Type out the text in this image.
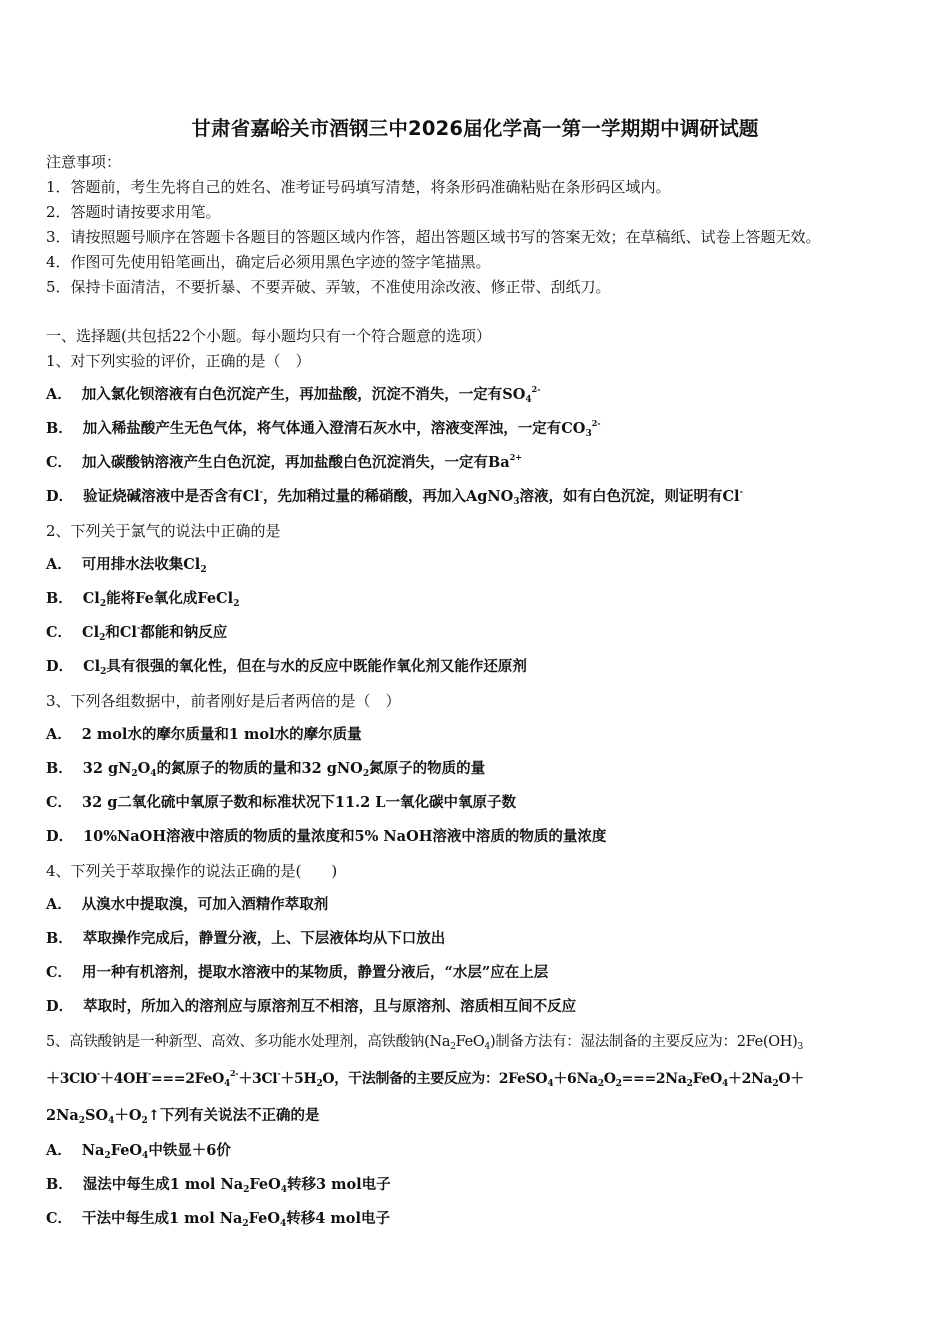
甘肃省嘉峪关市酒钢三中2026届化学高一第一学期期中调研试题
注意事项：
1．答题前，考生先将自己的姓名、准考证号码填写清楚，将条形码准确粘贴在条形码区域内。
2．答题时请按要求用笔。
3．请按照题号顺序在答题卡各题目的答题区域内作答，超出答题区域书写的答案无效；在草稿纸、试卷上答题无效。
4．作图可先使用铅笔画出，确定后必须用黑色字迹的签字笔描黑。
5．保持卡面清洁，不要折暴、不要弄破、弄皱，不准使用涂改液、修正带、刮纸刀。
一、选择题(共包括22个小题。每小题均只有一个符合题意的选项）
1、对下列实验的评价，正确的是（　）
A． 加入氯化钡溶液有白色沉淀产生，再加盐酸，沉淀不消失，一定有$SO_4^{2-}$
B． 加入稀盐酸产生无色气体，将气体通入澄清石灰水中，溶液变浑浊，一定有$CO_3^{2-}$
C． 加入碳酸钠溶液产生白色沉淀，再加盐酸白色沉淀消失，一定有$Ba^{2+}$
D． 验证烧碱溶液中是否含有Cl-，先加稍过量的稀硝酸，再加入AgNO$_3$溶液，如有白色沉淀，则证明有Cl-
2、下列关于氯气的说法中正确的是
A． 可用排水法收集$Cl_2$
B． $Cl_2$能将Fe氧化成FeCl$_2$
C． $Cl_2$和Cl-都能和钠反应
D． $Cl_2$具有很强的氧化性，但在与水的反应中既能作氧化剂又能作还原剂
3、下列各组数据中，前者刚好是后者两倍的是（　）
A． 2 mol水的摩尔质量和1 mol水的摩尔质量
B． 32 $gN_2O_4$的氮原子的物质的量和32 gNO$_2$氮原子的物质的量
C． 32 g二氧化硫中氧原子数和标准状况下11.2 L一氧化碳中氧原子数
D． 10%NaOH溶液中溶质的物质的量浓度和5% NaOH溶液中溶质的物质的量浓度
4、下列关于萃取操作的说法正确的是(　　)
A． 从溴水中提取溴，可加入酒精作萃取剂
B． 萃取操作完成后，静置分液，上、下层液体均从下口放出
C． 用一种有机溶剂，提取水溶液中的某物质，静置分液后，“水层”应在上层
D． 萃取时，所加入的溶剂应与原溶剂互不相溶，且与原溶剂、溶质相互间不反应
5、高铁酸钠是一种新型、高效、多功能水处理剂，高铁酸钠$(Na_2FeO_4)$制备方法有：湿法制备的主要反应为：$2Fe(OH)_3$
$+3ClO^-+4OH^-===2FeO_4^{2-}+3Cl^-+5H_2O$，干法制备的主要反应为：$2FeSO_4+6Na_2O_2===2Na_2FeO_4+2Na_2O+$
$2Na_2SO_4+O_2↑$下列有关说法不正确的是
A． $Na_2FeO_4$中铁显＋6价
B． 湿法中每生成1 mol $Na_2FeO_4$转移3 mol电子
C． 干法中每生成1 mol $Na_2FeO_4$转移4 mol电子
